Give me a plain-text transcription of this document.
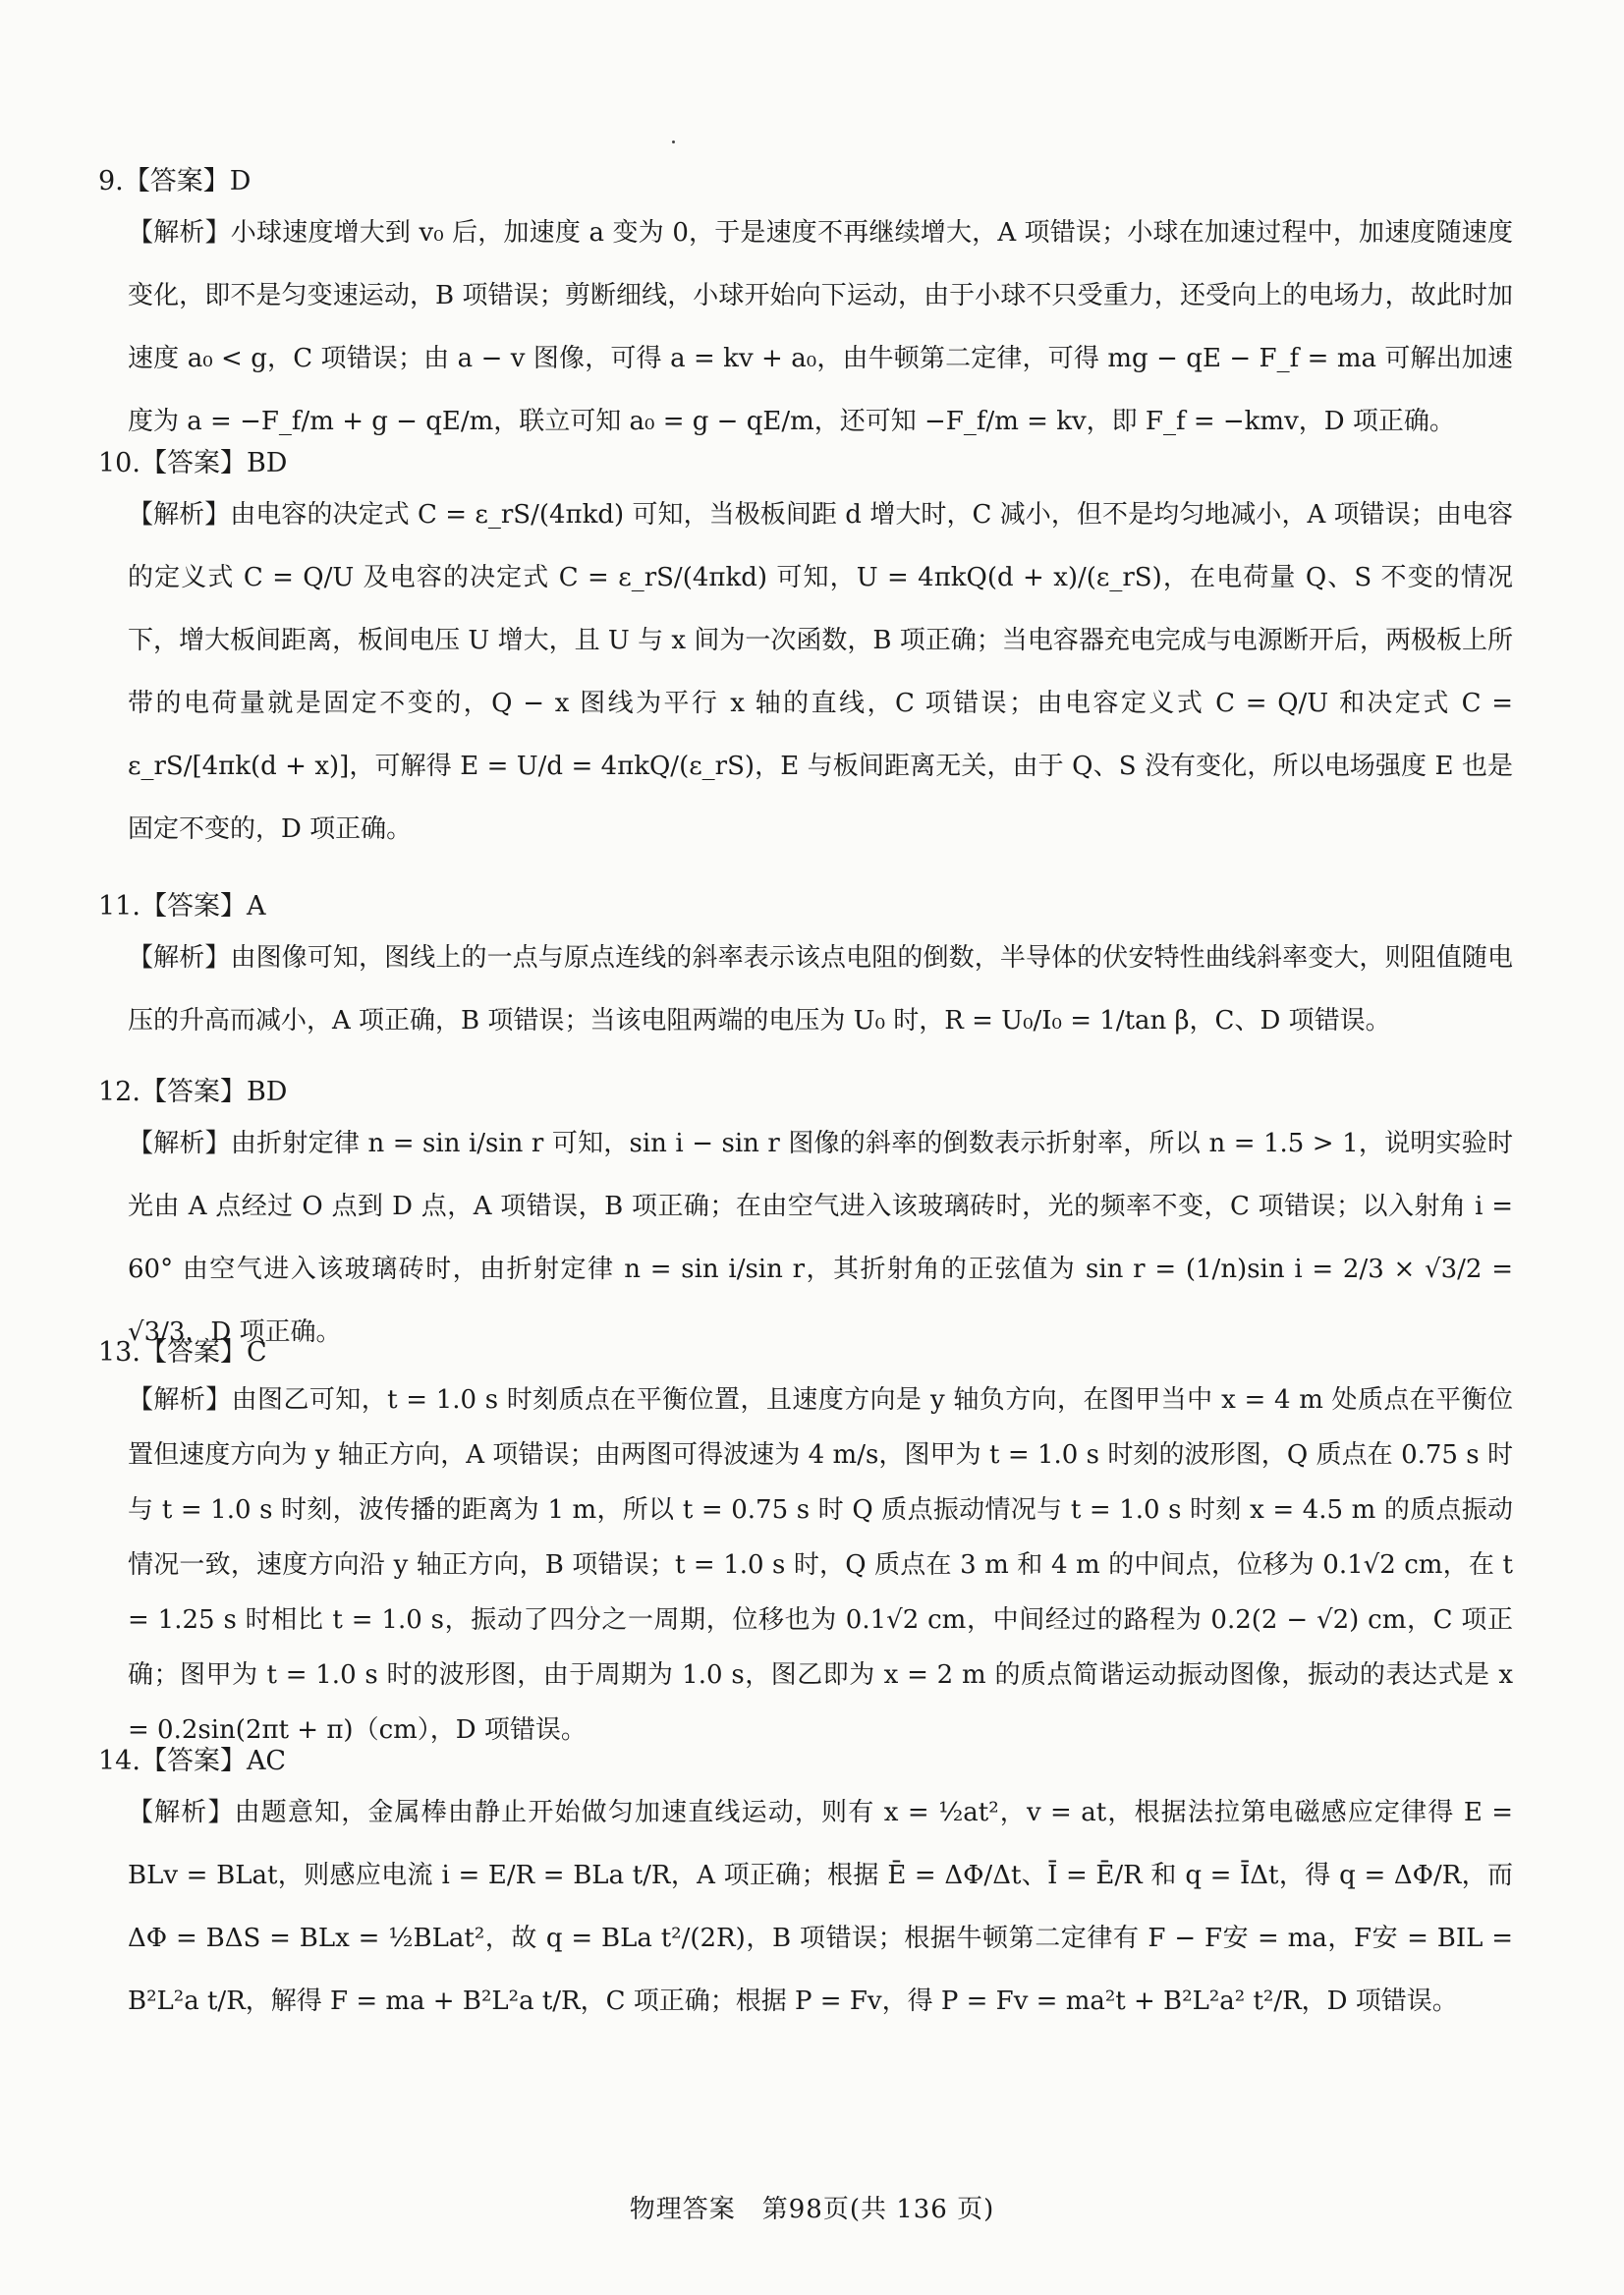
9.【答案】D

【解析】小球速度增大到 v₀ 后，加速度 a 变为 0，于是速度不再继续增大，A 项错误；小球在加速过程中，加速度随速度变化，即不是匀变速运动，B 项错误；剪断细线，小球开始向下运动，由于小球不只受重力，还受向上的电场力，故此时加速度 a₀ < g，C 项错误；由 a − v 图像，可得 a = kv + a₀，由牛顿第二定律，可得 mg − qE − F_f = ma 可解出加速度为 a = −F_f/m + g − qE/m，联立可知 a₀ = g − qE/m，还可知 −F_f/m = kv，即 F_f = −kmv，D 项正确。

10.【答案】BD

【解析】由电容的决定式 C = ε_rS/(4πkd) 可知，当极板间距 d 增大时，C 减小，但不是均匀地减小，A 项错误；由电容的定义式 C = Q/U 及电容的决定式 C = ε_rS/(4πkd) 可知，U = 4πkQ(d + x)/(ε_rS)，在电荷量 Q、S 不变的情况下，增大板间距离，板间电压 U 增大，且 U 与 x 间为一次函数，B 项正确；当电容器充电完成与电源断开后，两极板上所带的电荷量就是固定不变的，Q − x 图线为平行 x 轴的直线，C 项错误；由电容定义式 C = Q/U 和决定式 C = ε_rS/[4πk(d + x)]，可解得 E = U/d = 4πkQ/(ε_rS)，E 与板间距离无关，由于 Q、S 没有变化，所以电场强度 E 也是固定不变的，D 项正确。

11.【答案】A

【解析】由图像可知，图线上的一点与原点连线的斜率表示该点电阻的倒数，半导体的伏安特性曲线斜率变大，则阻值随电压的升高而减小，A 项正确，B 项错误；当该电阻两端的电压为 U₀ 时，R = U₀/I₀ = 1/tan β，C、D 项错误。

12.【答案】BD

【解析】由折射定律 n = sin i/sin r 可知，sin i − sin r 图像的斜率的倒数表示折射率，所以 n = 1.5 > 1，说明实验时光由 A 点经过 O 点到 D 点，A 项错误，B 项正确；在由空气进入该玻璃砖时，光的频率不变，C 项错误；以入射角 i = 60° 由空气进入该玻璃砖时，由折射定律 n = sin i/sin r，其折射角的正弦值为 sin r = (1/n)sin i = 2/3 × √3/2 = √3/3，D 项正确。

13.【答案】C

【解析】由图乙可知，t = 1.0 s 时刻质点在平衡位置，且速度方向是 y 轴负方向，在图甲当中 x = 4 m 处质点在平衡位置但速度方向为 y 轴正方向，A 项错误；由两图可得波速为 4 m/s，图甲为 t = 1.0 s 时刻的波形图，Q 质点在 0.75 s 时与 t = 1.0 s 时刻，波传播的距离为 1 m，所以 t = 0.75 s 时 Q 质点振动情况与 t = 1.0 s 时刻 x = 4.5 m 的质点振动情况一致，速度方向沿 y 轴正方向，B 项错误；t = 1.0 s 时，Q 质点在 3 m 和 4 m 的中间点，位移为 0.1√2 cm，在 t = 1.25 s 时相比 t = 1.0 s，振动了四分之一周期，位移也为 0.1√2 cm，中间经过的路程为 0.2(2 − √2) cm，C 项正确；图甲为 t = 1.0 s 时的波形图，由于周期为 1.0 s，图乙即为 x = 2 m 的质点简谐运动振动图像，振动的表达式是 x = 0.2sin(2πt + π)（cm），D 项错误。

14.【答案】AC

【解析】由题意知，金属棒由静止开始做匀加速直线运动，则有 x = ½at²，v = at，根据法拉第电磁感应定律得 E = BLv = BLat，则感应电流 i = E/R = BLa t/R，A 项正确；根据 Ē = ΔΦ/Δt、Ī = Ē/R 和 q = ĪΔt，得 q = ΔΦ/R，而 ΔΦ = BΔS = BLx = ½BLat²，故 q = BLa t²/(2R)，B 项错误；根据牛顿第二定律有 F − F安 = ma，F安 = BIL = B²L²a t/R，解得 F = ma + B²L²a t/R，C 项正确；根据 P = Fv，得 P = Fv = ma²t + B²L²a² t²/R，D 项错误。

物理答案　第98页(共 136 页)
